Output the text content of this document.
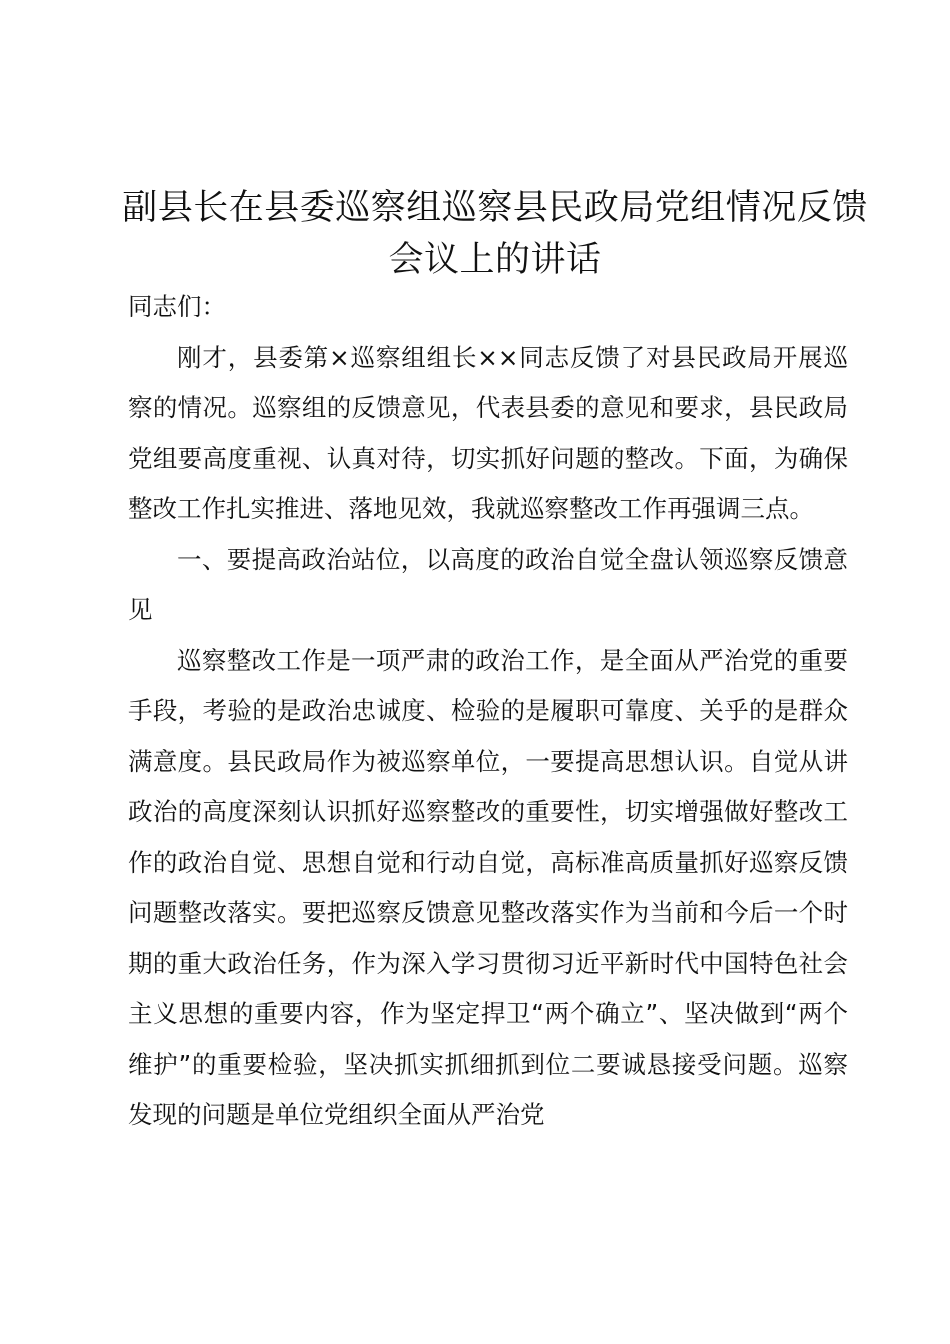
副县长在县委巡察组巡察县民政局党组情况反馈
会议上的讲话

同志们：

刚才，县委第×巡察组组长××同志反馈了对县民政局开展巡察的情况。巡察组的反馈意见，代表县委的意见和要求，县民政局党组要高度重视、认真对待，切实抓好问题的整改。下面，为确保整改工作扎实推进、落地见效，我就巡察整改工作再强调三点。

一、要提高政治站位，以高度的政治自觉全盘认领巡察反馈意见

巡察整改工作是一项严肃的政治工作，是全面从严治党的重要手段，考验的是政治忠诚度、检验的是履职可靠度、关乎的是群众满意度。县民政局作为被巡察单位，一要提高思想认识。自觉从讲政治的高度深刻认识抓好巡察整改的重要性，切实增强做好整改工作的政治自觉、思想自觉和行动自觉，高标准高质量抓好巡察反馈问题整改落实。要把巡察反馈意见整改落实作为当前和今后一个时期的重大政治任务，作为深入学习贯彻习近平新时代中国特色社会主义思想的重要内容，作为坚定捍卫“两个确立”、坚决做到“两个维护”的重要检验，坚决抓实抓细抓到位二要诚恳接受问题。巡察发现的问题是单位党组织全面从严治党
